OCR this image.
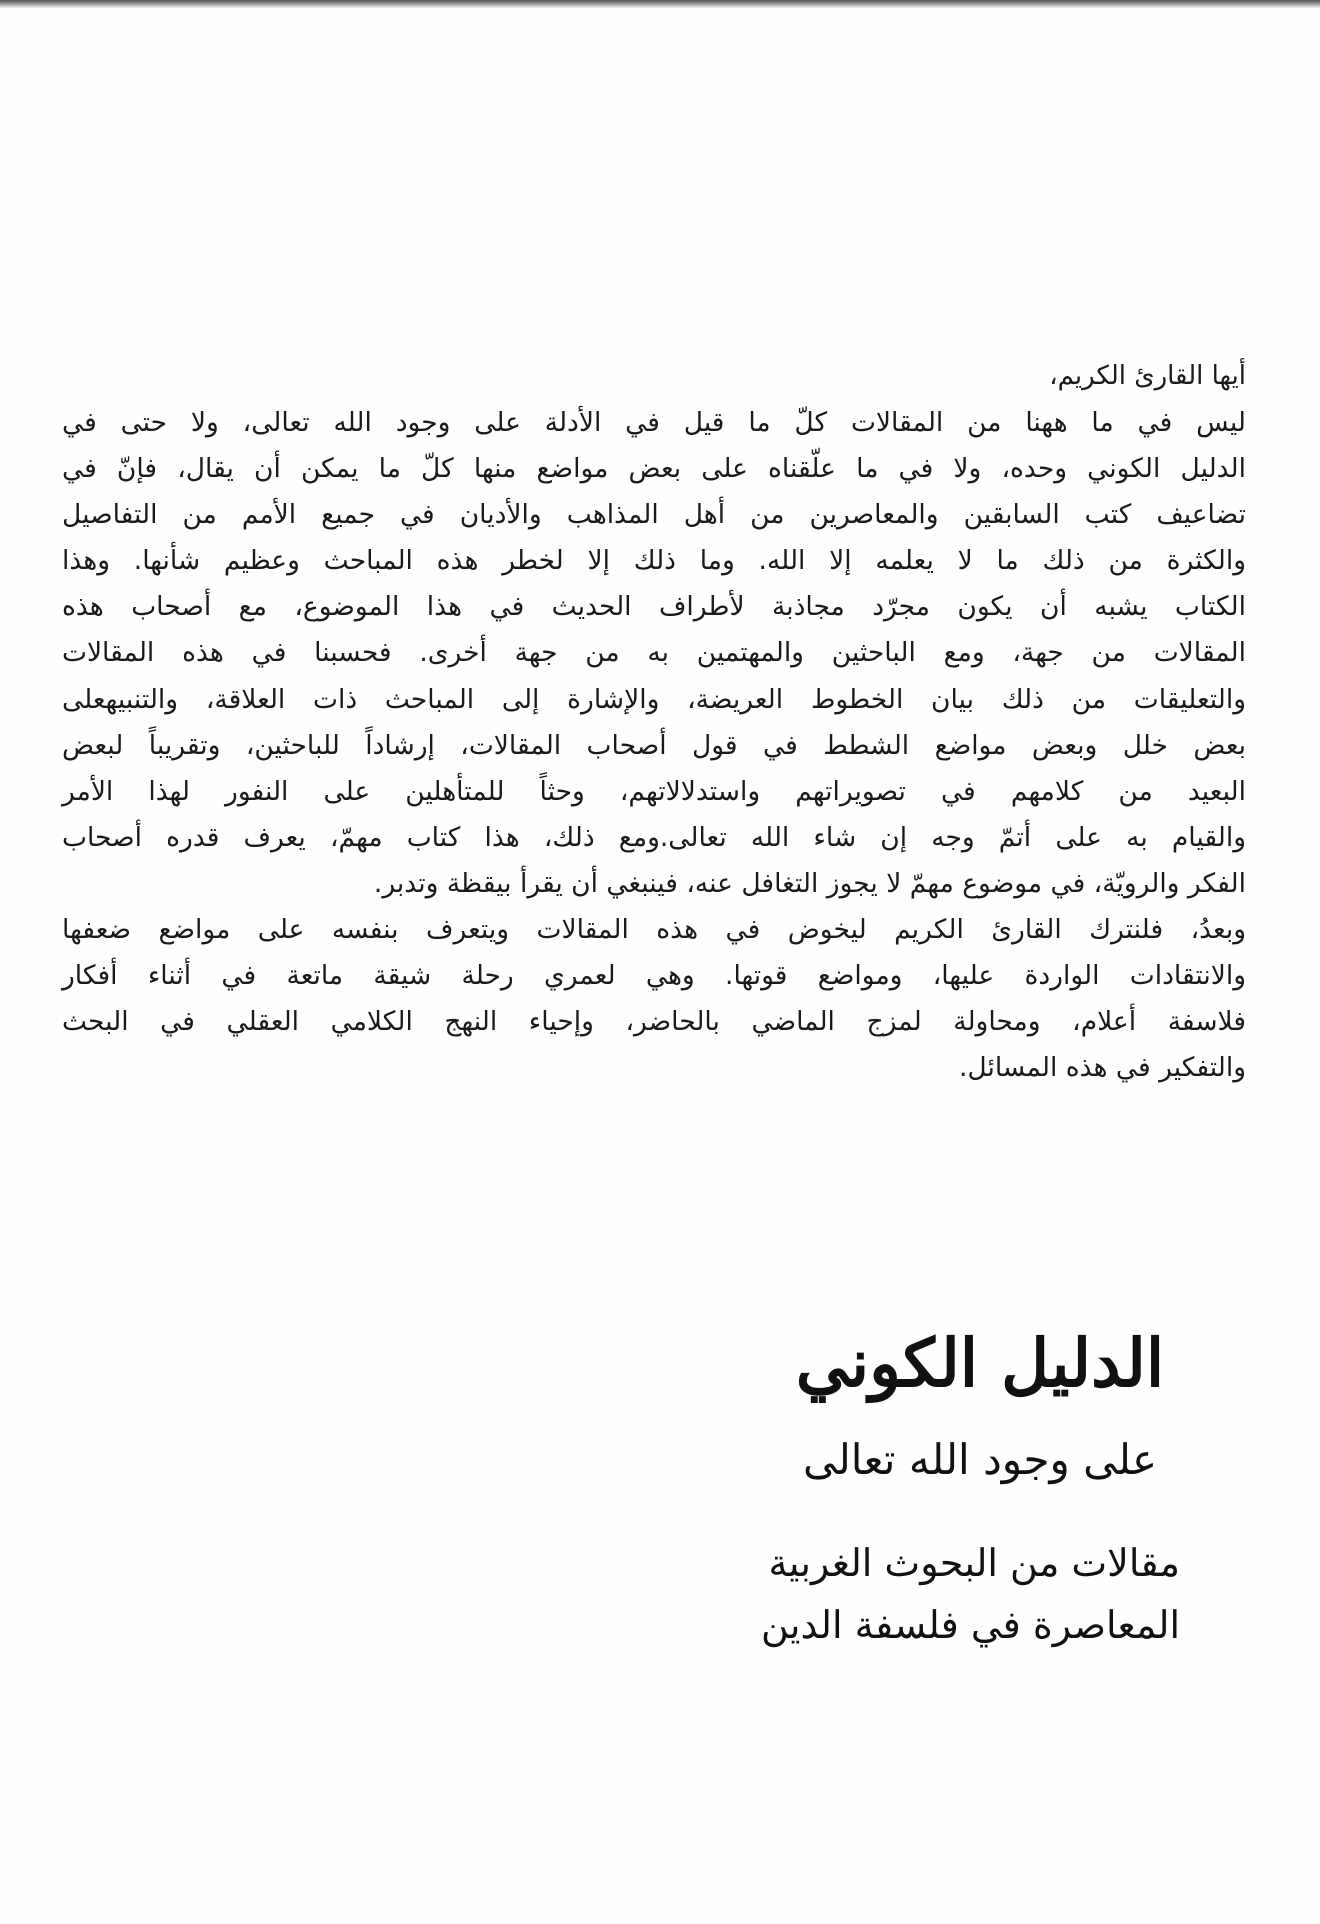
أيها القارئ الكريم،

ليس في ما ههنا من المقالات كلّ ما قيل في الأدلة على وجود الله تعالى، ولا حتى في
الدليل الكوني وحده، ولا في ما علّقناه على بعض مواضع منها كلّ ما يمكن أن يقال، فإنّ في
تضاعيف كتب السابقين والمعاصرين من أهل المذاهب والأديان في جميع الأمم من التفاصيل
والكثرة من ذلك ما لا يعلمه إلا الله. وما ذلك إلا لخطر هذه المباحث وعظيم شأنها. وهذا
الكتاب يشبه أن يكون مجرّد مجاذبة لأطراف الحديث في هذا الموضوع، مع أصحاب هذه
المقالات من جهة، ومع الباحثين والمهتمين به من جهة أخرى. فحسبنا في هذه المقالات
والتعليقات من ذلك بيان الخطوط العريضة، والإشارة إلى المباحث ذات العلاقة، والتنبيهعلى
بعض خلل وبعض مواضع الشطط في قول أصحاب المقالات، إرشاداً للباحثين، وتقريباً لبعض
البعيد من كلامهم في تصويراتهم واستدلالاتهم، وحثاً للمتأهلين على النفور لهذا الأمر
والقيام به على أتمّ وجه إن شاء الله تعالى.ومع ذلك، هذا كتاب مهمّ، يعرف قدره أصحاب
الفكر والرويّة، في موضوع مهمّ لا يجوز التغافل عنه، فينبغي أن يقرأ بيقظة وتدبر.
وبعدُ، فلنترك القارئ الكريم ليخوض في هذه المقالات ويتعرف بنفسه على مواضع ضعفها
والانتقادات الواردة عليها، ومواضع قوتها. وهي لعمري رحلة شيقة ماتعة في أثناء أفكار
فلاسفة أعلام، ومحاولة لمزج الماضي بالحاضر، وإحياء النهج الكلامي العقلي في البحث
والتفكير في هذه المسائل.
الدليل الكوني
على وجود الله تعالى
مقالات من البحوث الغربية
المعاصرة في فلسفة الدين
